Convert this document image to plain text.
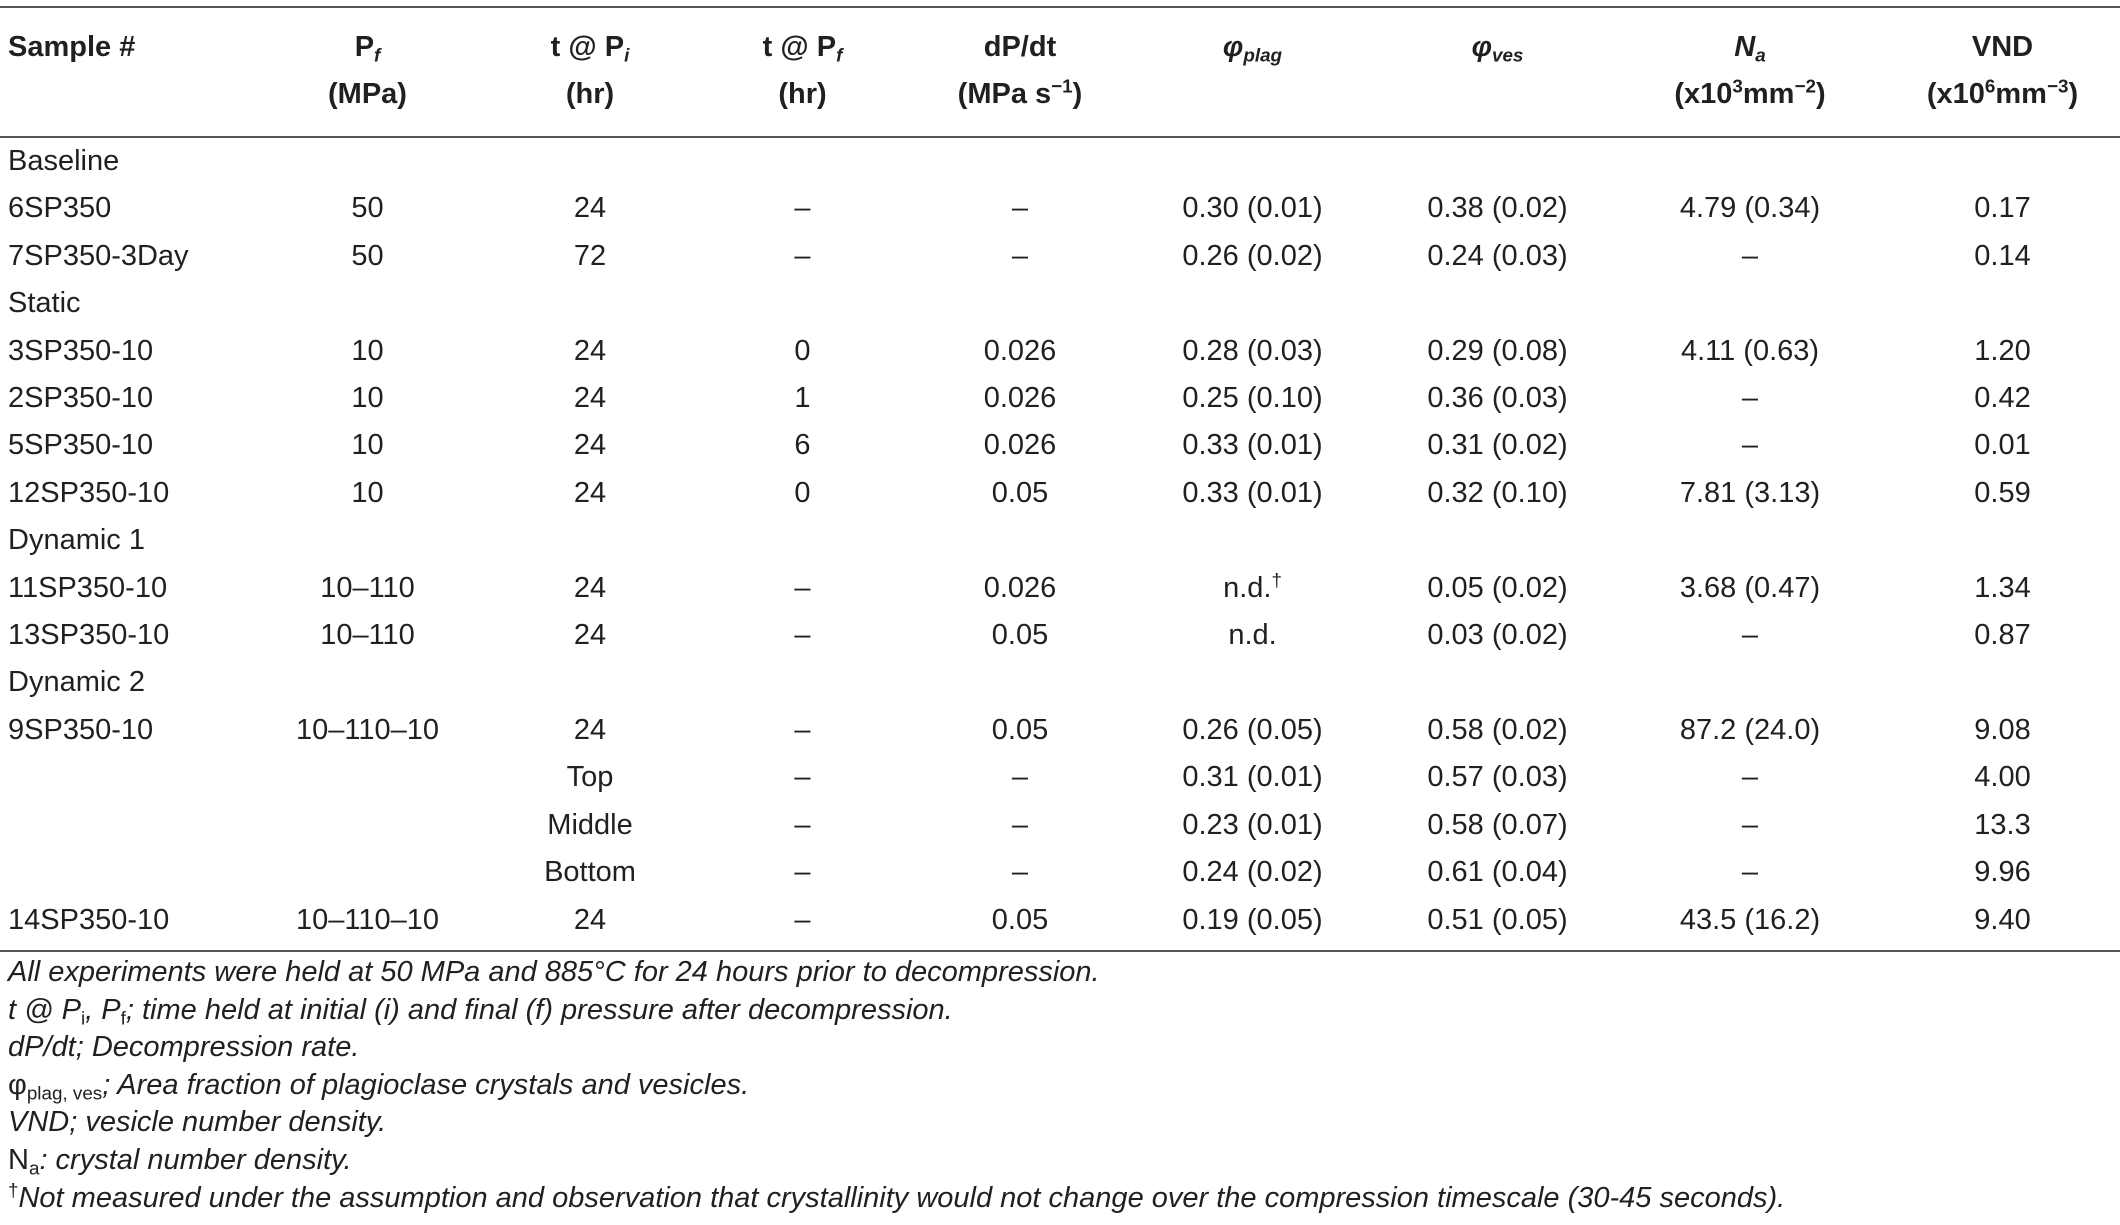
Sample #	$P_f$	t @ $P_i$	t @ $P_f$	dP/dt	$\varphi_{plag}$	$\varphi_{ves}$	$N_a$	VND
	(MPa)	(hr)	(hr)	(MPa $s^{-1}$)			$(x10^3mm^{-2})$	$(x10^6mm^{-3})$
Baseline								
6SP350	50	24	–	–	0.30 (0.01)	0.38 (0.02)	4.79 (0.34)	0.17
7SP350-3Day	50	72	–	–	0.26 (0.02)	0.24 (0.03)	–	0.14
Static								
3SP350-10	10	24	0	0.026	0.28 (0.03)	0.29 (0.08)	4.11 (0.63)	1.20
2SP350-10	10	24	1	0.026	0.25 (0.10)	0.36 (0.03)	–	0.42
5SP350-10	10	24	6	0.026	0.33 (0.01)	0.31 (0.02)	–	0.01
12SP350-10	10	24	0	0.05	0.33 (0.01)	0.32 (0.10)	7.81 (3.13)	0.59
Dynamic 1								
11SP350-10	10–110	24	–	0.026	n.d.†	0.05 (0.02)	3.68 (0.47)	1.34
13SP350-10	10–110	24	–	0.05	n.d.	0.03 (0.02)	–	0.87
Dynamic 2								
9SP350-10	10–110–10	24	–	0.05	0.26 (0.05)	0.58 (0.02)	87.2 (24.0)	9.08
		Top	–	–	0.31 (0.01)	0.57 (0.03)	–	4.00
		Middle	–	–	0.23 (0.01)	0.58 (0.07)	–	13.3
		Bottom	–	–	0.24 (0.02)	0.61 (0.04)	–	9.96
14SP350-10	10–110–10	24	–	0.05	0.19 (0.05)	0.51 (0.05)	43.5 (16.2)	9.40
All experiments were held at 50 MPa and 885°C for 24 hours prior to decompression.
t @ $P_i$, $P_f$; time held at initial (i) and final (f) pressure after decompression.
dP/dt; Decompression rate.
$\varphi_{plag, ves}$; Area fraction of plagioclase crystals and vesicles.
VND; vesicle number density.
$N_a$: crystal number density.
†Not measured under the assumption and observation that crystallinity would not change over the compression timescale (30-45 seconds).
